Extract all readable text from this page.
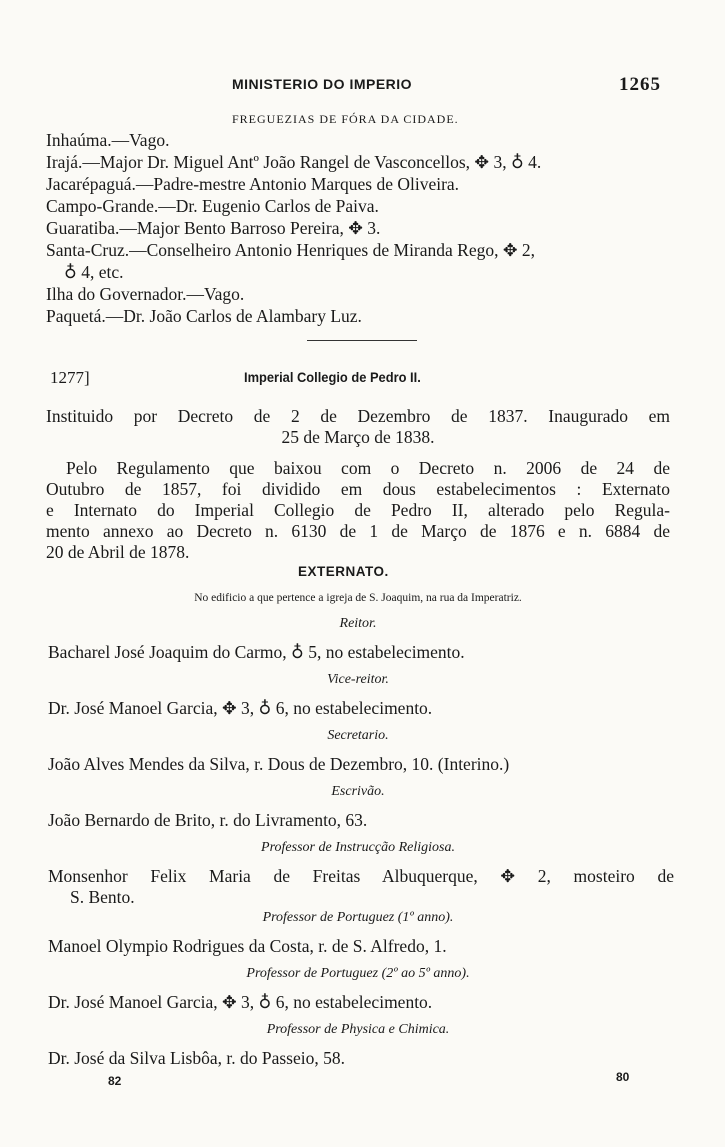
MINISTERIO DO IMPERIO	1265
FREGUEZIAS DE FÓRA DA CIDADE.
Inhaúma.—Vago.
Irajá.—Major Dr. Miguel Antº João Rangel de Vasconcellos, ✥ 3, ♁ 4.
Jacarépaguá.—Padre-mestre Antonio Marques de Oliveira.
Campo-Grande.—Dr. Eugenio Carlos de Paiva.
Guaratiba.—Major Bento Barroso Pereira, ✥ 3.
Santa-Cruz.—Conselheiro Antonio Henriques de Miranda Rego, ✥ 2,
♁ 4, etc.
Ilha do Governador.—Vago.
Paquetá.—Dr. João Carlos de Alambary Luz.
1277]	Imperial Collegio de Pedro II.
Instituido por Decreto de 2 de Dezembro de 1837. Inaugurado em
25 de Março de 1838.
Pelo Regulamento que baixou com o Decreto n. 2006 de 24 de
Outubro de 1857, foi dividido em dous estabelecimentos : Externato
e Internato do Imperial Collegio de Pedro II, alterado pelo Regula-
mento annexo ao Decreto n. 6130 de 1 de Março de 1876 e n. 6884 de
20 de Abril de 1878.
EXTERNATO.
No edificio a que pertence a igreja de S. Joaquim, na rua da Imperatriz.
Reitor.
Bacharel José Joaquim do Carmo, ♁ 5, no estabelecimento.
Vice-reitor.
Dr. José Manoel Garcia, ✥ 3, ♁ 6, no estabelecimento.
Secretario.
João Alves Mendes da Silva, r. Dous de Dezembro, 10. (Interino.)
Escrivão.
João Bernardo de Brito, r. do Livramento, 63.
Professor de Instrucção Religiosa.
Monsenhor Felix Maria de Freitas Albuquerque, ✥ 2, mosteiro de
S. Bento.
Professor de Portuguez (1º anno).
Manoel Olympio Rodrigues da Costa, r. de S. Alfredo, 1.
Professor de Portuguez (2º ao 5º anno).
Dr. José Manoel Garcia, ✥ 3, ♁ 6, no estabelecimento.
Professor de Physica e Chimica.
Dr. José da Silva Lisbôa, r. do Passeio, 58.
82	80
